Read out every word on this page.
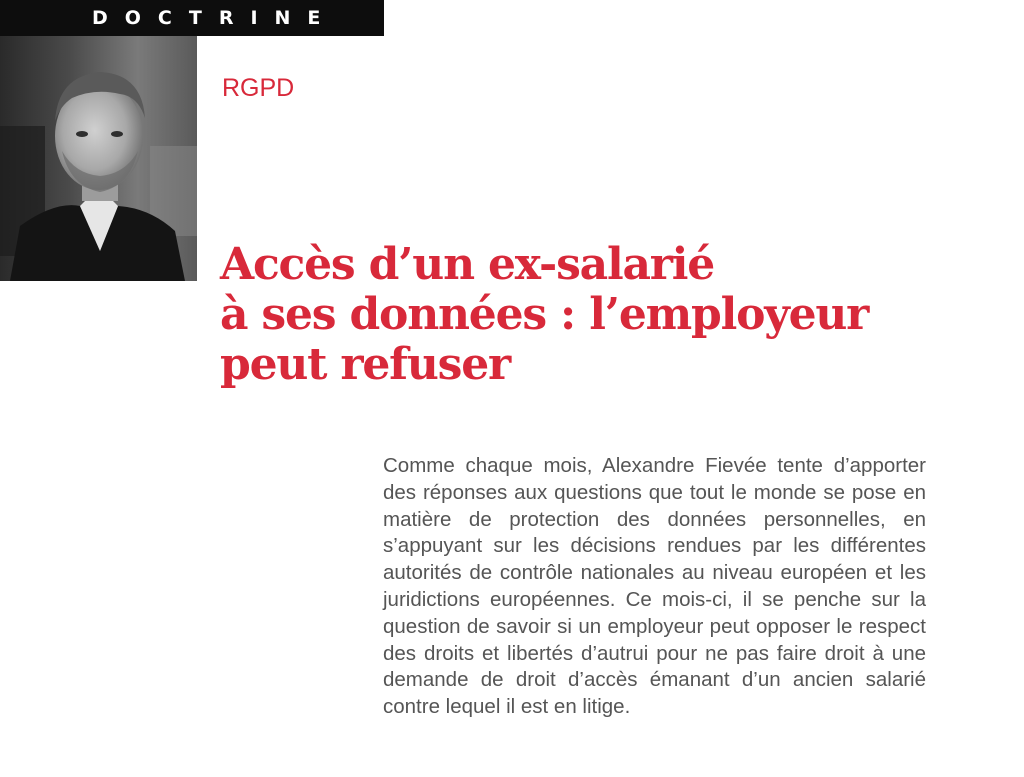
DOCTRINE
RGPD
Accès d’un ex-salarié
à ses données : l’employeur
peut refuser

Comme chaque mois, Alexandre Fievée tente d’apporter des réponses aux questions que tout le monde se pose en matière de protection des données personnelles, en s’appuyant sur les décisions rendues par les différentes autorités de contrôle nationales au niveau européen et les juridictions européennes. Ce mois-ci, il se penche sur la question de savoir si un employeur peut opposer le respect des droits et libertés d’autrui pour ne pas faire droit à une demande de droit d’accès émanant d’un ancien salarié contre lequel il est en litige.
